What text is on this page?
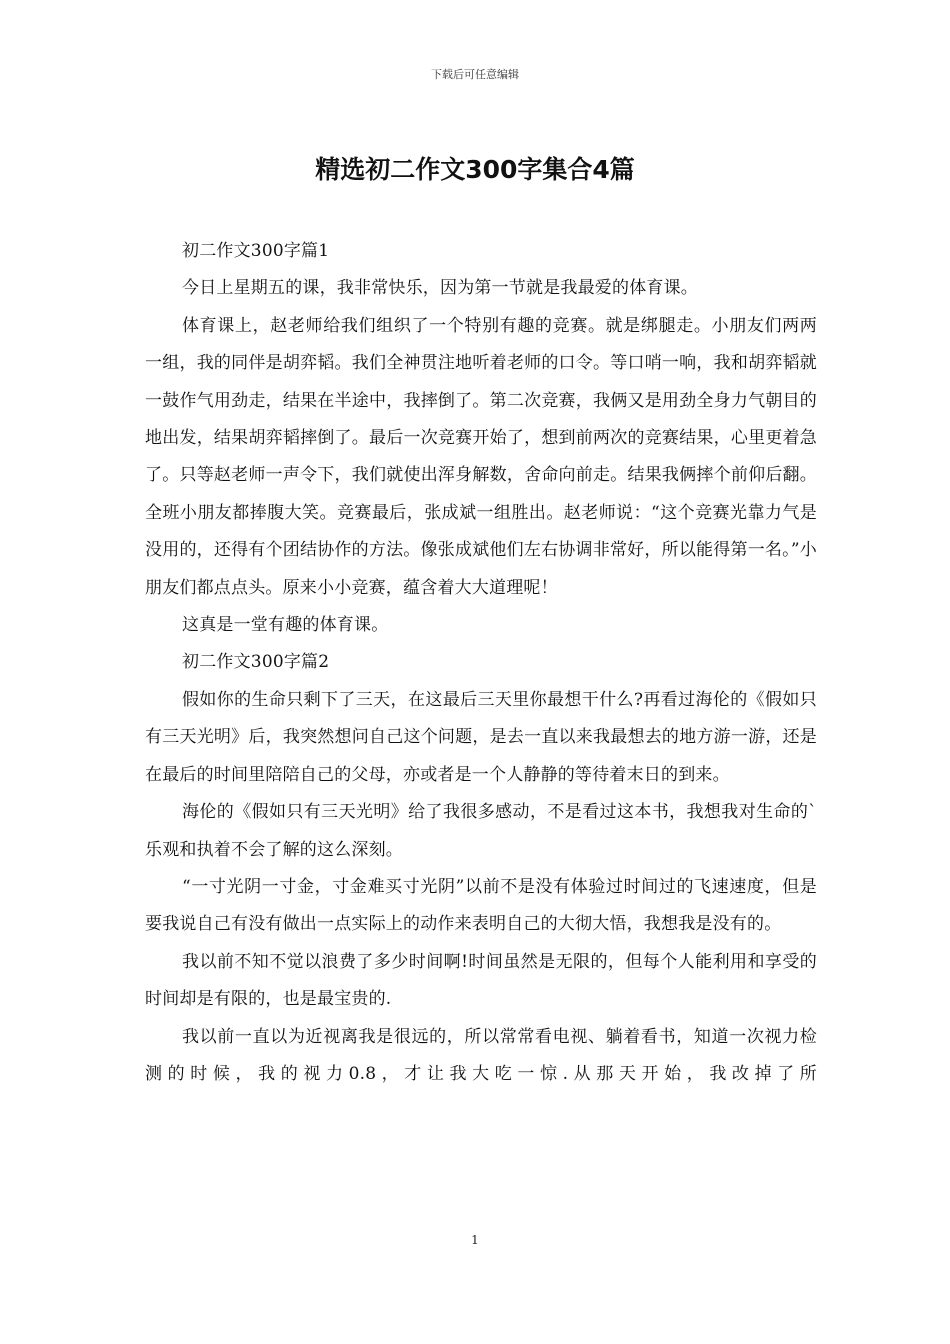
下载后可任意编辑
精选初二作文300字集合4篇

初二作文300字篇1

今日上星期五的课，我非常快乐，因为第一节就是我最爱的体育课。

体育课上，赵老师给我们组织了一个特别有趣的竞赛。就是绑腿走。小朋友们两两一组，我的同伴是胡弈韬。我们全神贯注地听着老师的口令。等口哨一响，我和胡弈韬就一鼓作气用劲走，结果在半途中，我摔倒了。第二次竞赛，我俩又是用劲全身力气朝目的地出发，结果胡弈韬摔倒了。最后一次竞赛开始了，想到前两次的竞赛结果，心里更着急了。只等赵老师一声令下，我们就使出浑身解数，舍命向前走。结果我俩摔个前仰后翻。全班小朋友都捧腹大笑。竞赛最后，张成斌一组胜出。赵老师说：“这个竞赛光靠力气是没用的，还得有个团结协作的方法。像张成斌他们左右协调非常好，所以能得第一名。”小朋友们都点点头。原来小小竞赛，蕴含着大大道理呢！

这真是一堂有趣的体育课。

初二作文300字篇2

假如你的生命只剩下了三天，在这最后三天里你最想干什么?再看过海伦的《假如只有三天光明》后，我突然想问自己这个问题，是去一直以来我最想去的地方游一游，还是在最后的时间里陪陪自己的父母，亦或者是一个人静静的等待着末日的到来。

海伦的《假如只有三天光明》给了我很多感动，不是看过这本书，我想我对生命的`乐观和执着不会了解的这么深刻。

“一寸光阴一寸金，寸金难买寸光阴”以前不是没有体验过时间过的飞速速度，但是要我说自己有没有做出一点实际上的动作来表明自己的大彻大悟，我想我是没有的。

我以前不知不觉以浪费了多少时间啊!时间虽然是无限的，但每个人能利用和享受的时间却是有限的，也是最宝贵的.

我以前一直以为近视离我是很远的，所以常常看电视、躺着看书，知道一次视力检测的时候，我的视力0.8，才让我大吃一惊.从那天开始，我改掉了所

1
